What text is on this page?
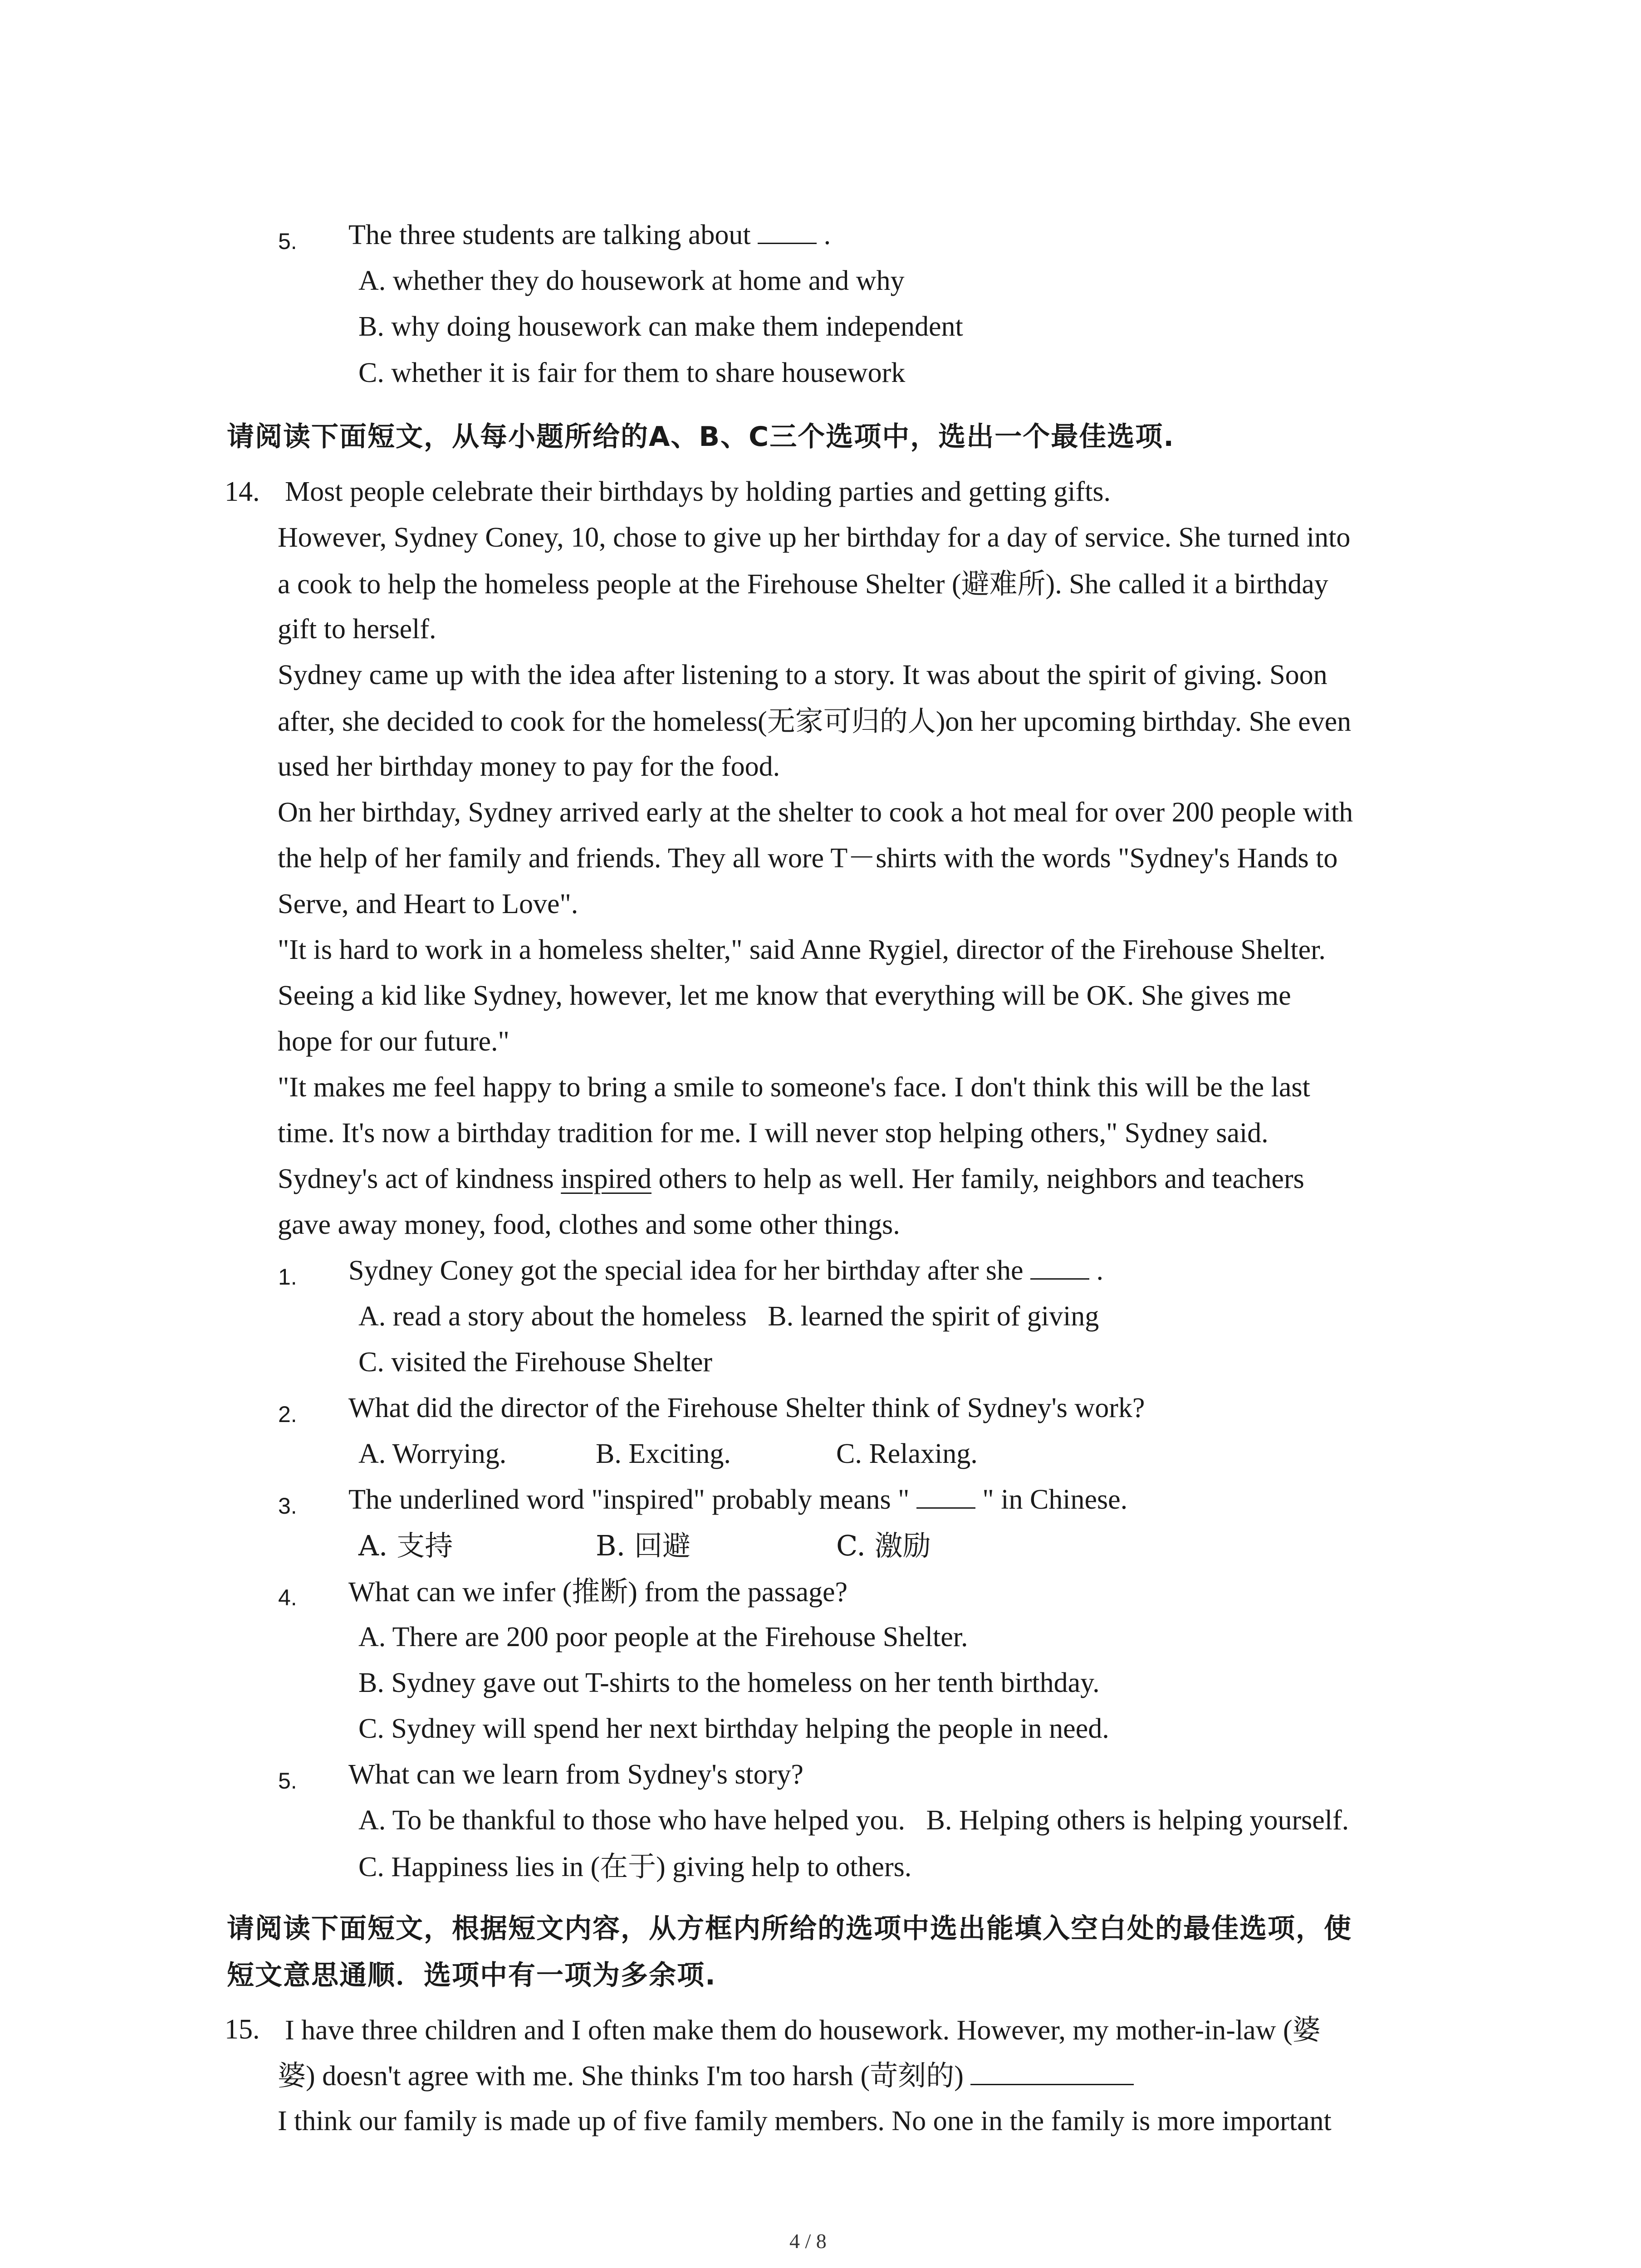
5. The three students are talking about	.
A. whether they do housework at home and why
B. why doing housework can make them independent
C. whether it is fair for them to share housework
请阅读下面短文，从每小题所给的A、B、C三个选项中，选出一个最佳选项.
14. Most people celebrate their birthdays by holding parties and getting gifts.
However, Sydney Coney, 10, chose to give up her birthday for a day of service. She turned into
a cook to help the homeless people at the Firehouse Shelter (避难所). She called it a birthday
gift to herself.
Sydney came up with the idea after listening to a story. It was about the spirit of giving. Soon
after, she decided to cook for the homeless(无家可归的人)on her upcoming birthday. She even
used her birthday money to pay for the food.
On her birthday, Sydney arrived early at the shelter to cook a hot meal for over 200 people with
the help of her family and friends. They all wore T－shirts with the words "Sydney's Hands to
Serve, and Heart to Love".
"It is hard to work in a homeless shelter," said Anne Rygiel, director of the Firehouse Shelter.
Seeing a kid like Sydney, however, let me know that everything will be OK. She gives me
hope for our future."
"It makes me feel happy to bring a smile to someone's face. I don't think this will be the last
time. It's now a birthday tradition for me. I will never stop helping others," Sydney said.
Sydney's act of kindness inspired others to help as well. Her family, neighbors and teachers
gave away money, food, clothes and some other things.
1. Sydney Coney got the special idea for her birthday after she	.
A. read a story about the homeless B. learned the spirit of giving
C. visited the Firehouse Shelter
2. What did the director of the Firehouse Shelter think of Sydney's work?
A. Worrying.	B. Exciting.	C. Relaxing.
3. The underlined word "inspired" probably means "	" in Chinese.
A. 支持	B. 回避	C. 激励
4. What can we infer (推断) from the passage?
A. There are 200 poor people at the Firehouse Shelter.
B. Sydney gave out T-shirts to the homeless on her tenth birthday.
C. Sydney will spend her next birthday helping the people in need.
5. What can we learn from Sydney's story?
A. To be thankful to those who have helped you. B. Helping others is helping yourself.
C. Happiness lies in (在于) giving help to others.
请阅读下面短文，根据短文内容，从方框内所给的选项中选出能填入空白处的最佳选项，使
短文意思通顺．选项中有一项为多余项.
15. I have three children and I often make them do housework. However, my mother-in-law (婆
婆) doesn't agree with me. She thinks I'm too harsh (苛刻的)
I think our family is made up of five family members. No one in the family is more important
4 / 8
